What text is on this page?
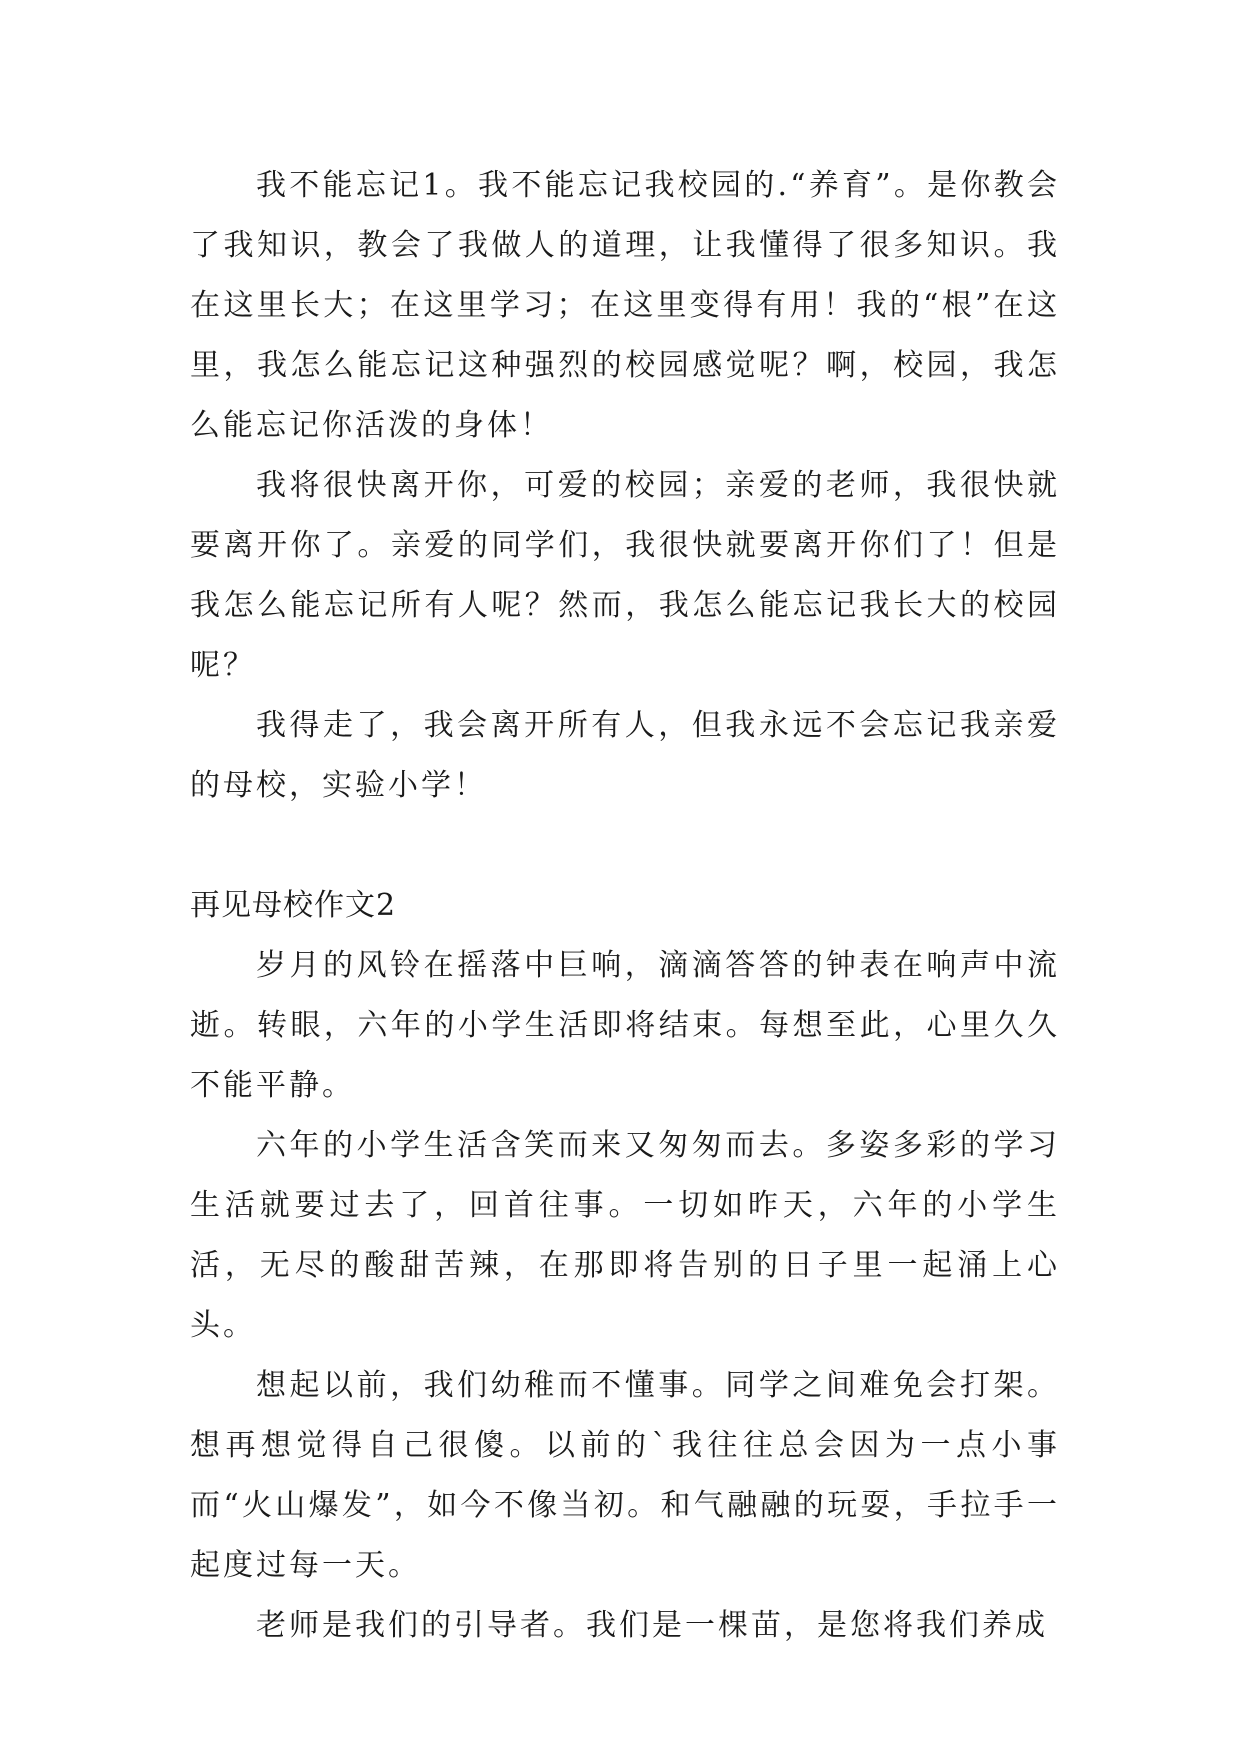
我不能忘记1。我不能忘记我校园的.“养育”。是你教会了我知识，教会了我做人的道理，让我懂得了很多知识。我在这里长大；在这里学习；在这里变得有用！我的“根”在这里，我怎么能忘记这种强烈的校园感觉呢？啊，校园，我怎么能忘记你活泼的身体！

我将很快离开你，可爱的校园；亲爱的老师，我很快就要离开你了。亲爱的同学们，我很快就要离开你们了！但是我怎么能忘记所有人呢？然而，我怎么能忘记我长大的校园呢？

我得走了，我会离开所有人，但我永远不会忘记我亲爱的母校，实验小学！

再见母校作文2

岁月的风铃在摇落中巨响，滴滴答答的钟表在响声中流逝。转眼，六年的小学生活即将结束。每想至此，心里久久不能平静。

六年的小学生活含笑而来又匆匆而去。多姿多彩的学习生活就要过去了，回首往事。一切如昨天，六年的小学生活，无尽的酸甜苦辣，在那即将告别的日子里一起涌上心头。

想起以前，我们幼稚而不懂事。同学之间难免会打架。想再想觉得自己很傻。以前的`我往往总会因为一点小事而“火山爆发”，如今不像当初。和气融融的玩耍，手拉手一起度过每一天。

老师是我们的引导者。我们是一棵苗，是您将我们养成
